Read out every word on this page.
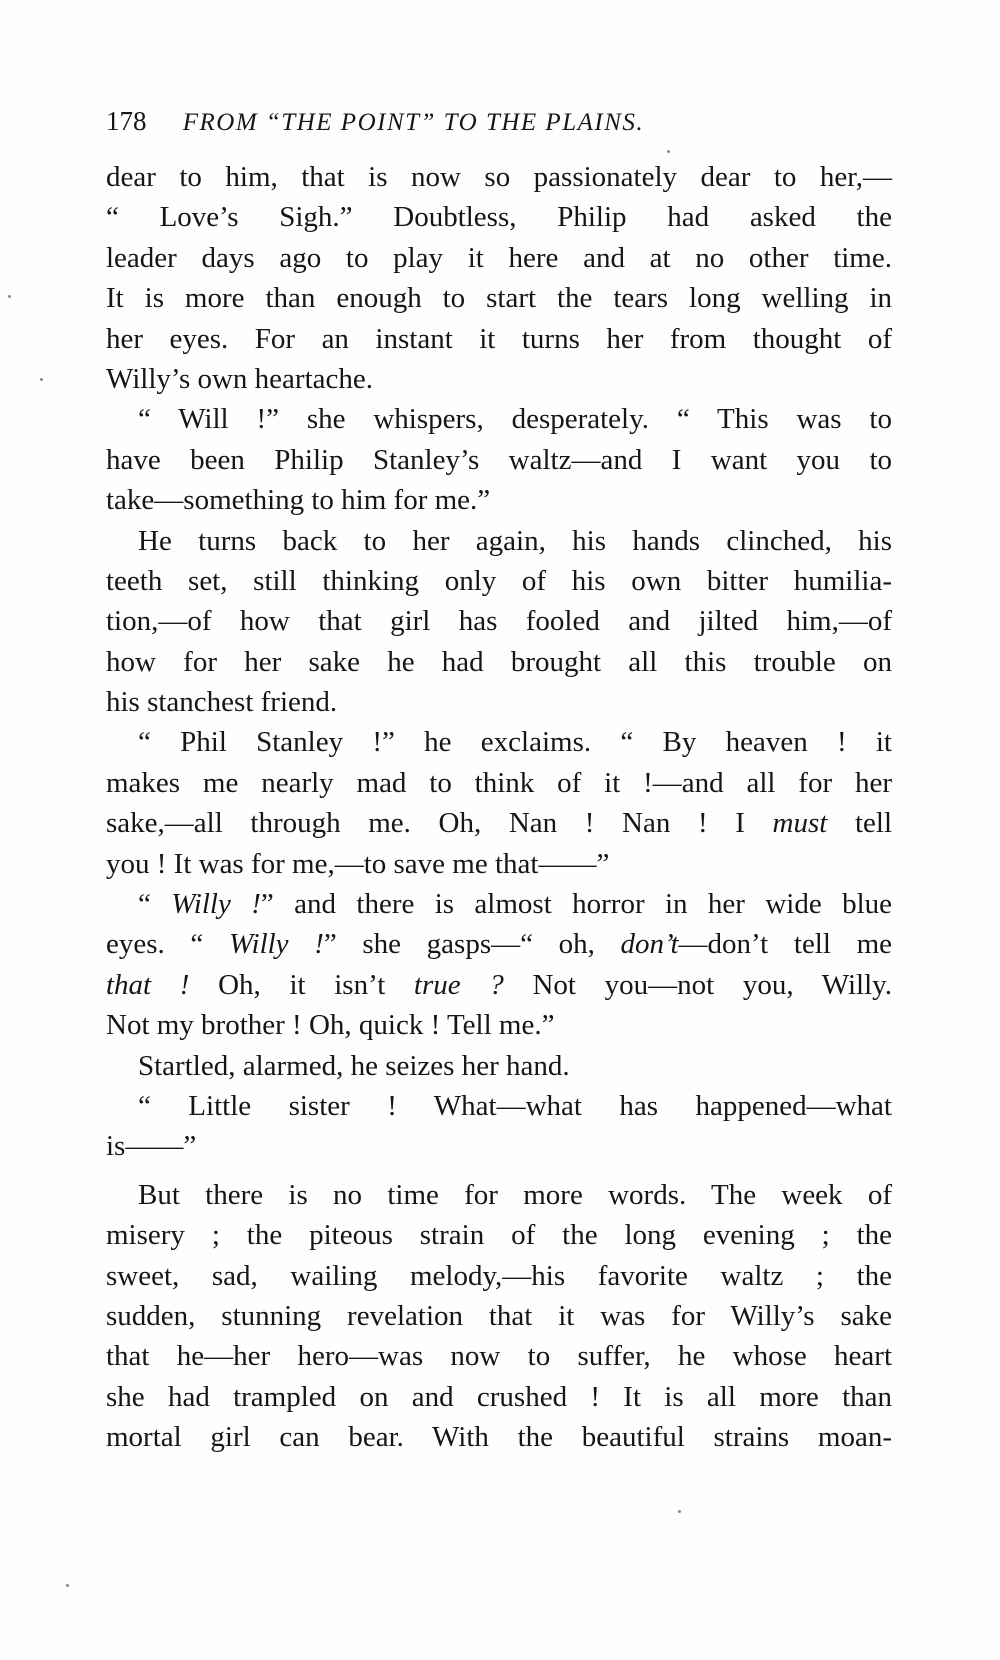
178 FROM “THE POINT” TO THE PLAINS.
dear to him, that is now so passionately dear to her,—
“ Love’s Sigh.” Doubtless, Philip had asked the
leader days ago to play it here and at no other time.
It is more than enough to start the tears long welling in
her eyes. For an instant it turns her from thought of
Willy’s own heartache.
“ Will !” she whispers, desperately. “ This was to
have been Philip Stanley’s waltz—and I want you to
take—something to him for me.”
He turns back to her again, his hands clinched, his
teeth set, still thinking only of his own bitter humilia-
tion,—of how that girl has fooled and jilted him,—of
how for her sake he had brought all this trouble on
his stanchest friend.
“ Phil Stanley !” he exclaims. “ By heaven ! it
makes me nearly mad to think of it !—and all for her
sake,—all through me. Oh, Nan ! Nan ! I must tell
you ! It was for me,—to save me that——”
“ Willy !” and there is almost horror in her wide blue
eyes. “ Willy !” she gasps—“ oh, don’t—don’t tell me
that ! Oh, it isn’t true ? Not you—not you, Willy.
Not my brother ! Oh, quick ! Tell me.”
Startled, alarmed, he seizes her hand.
“ Little sister ! What—what has happened—what
is——”
But there is no time for more words. The week of
misery ; the piteous strain of the long evening ; the
sweet, sad, wailing melody,—his favorite waltz ; the
sudden, stunning revelation that it was for Willy’s sake
that he—her hero—was now to suffer, he whose heart
she had trampled on and crushed ! It is all more than
mortal girl can bear. With the beautiful strains moan-
